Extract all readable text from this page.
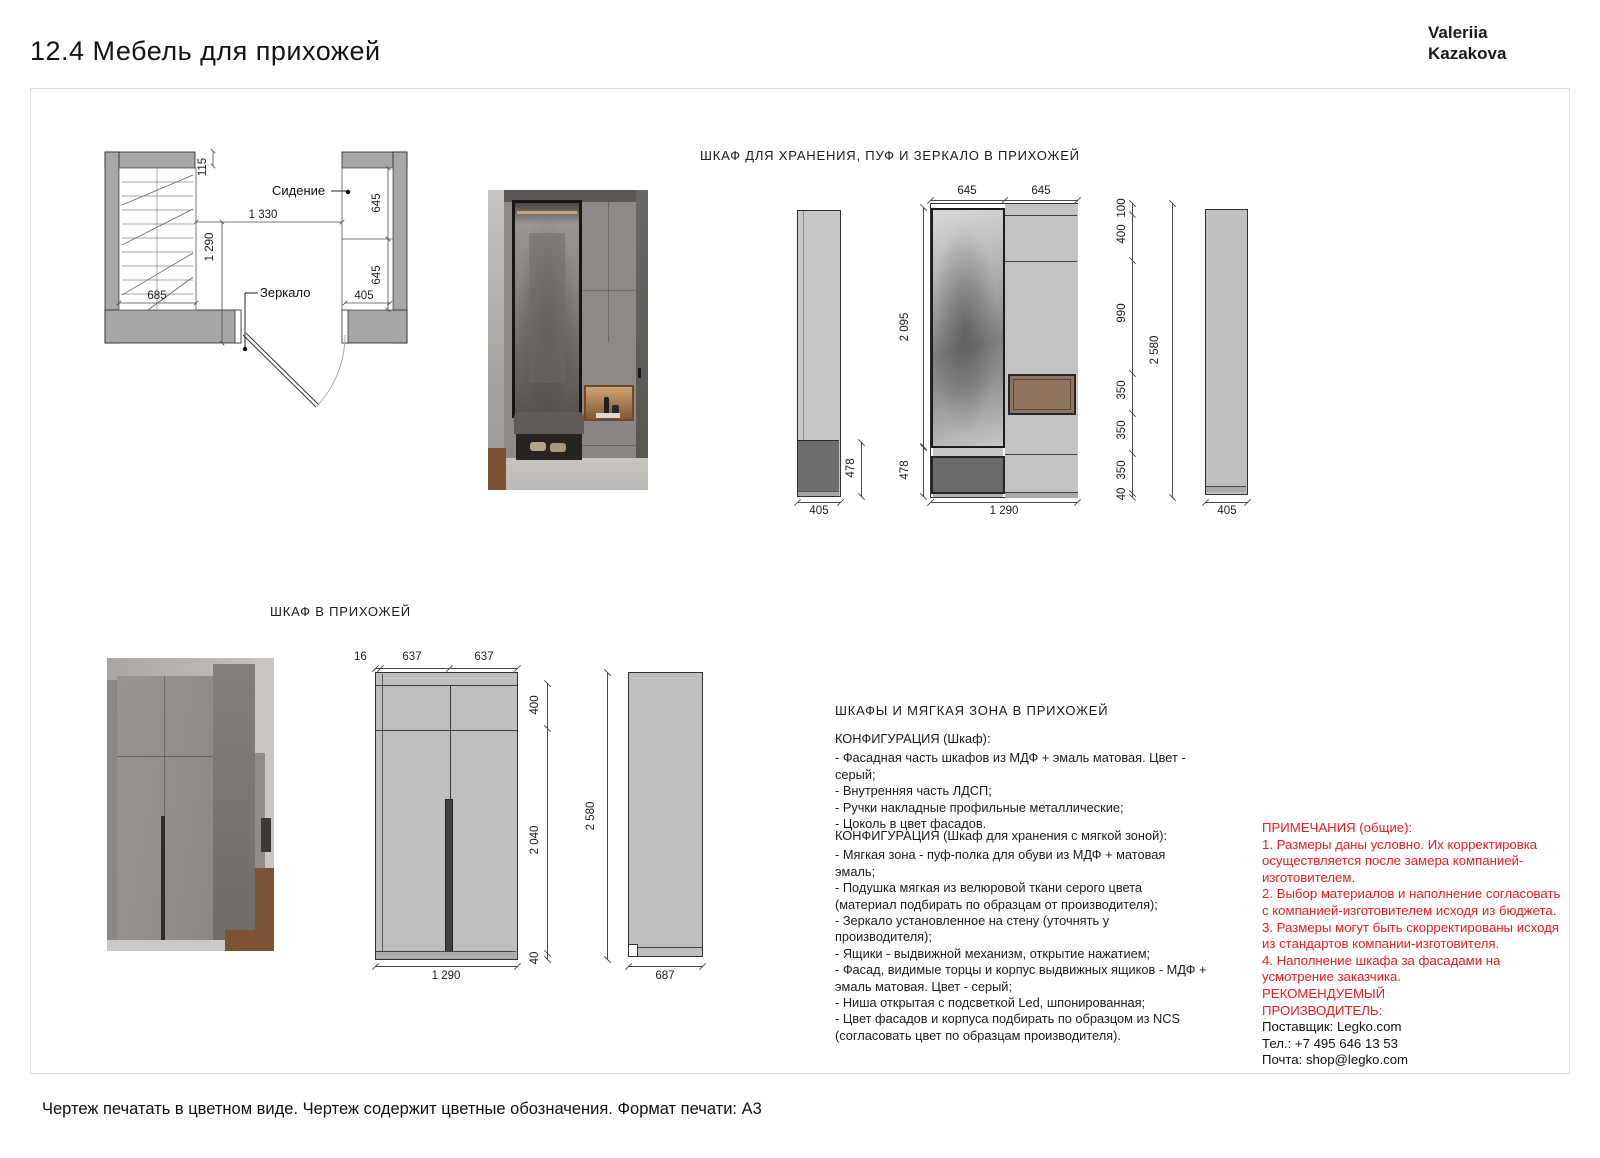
12.4 Мебель для прихожей
Valeriia
Kazakova
115
1 330
1 290
685
645
645
405
Сидение
Зеркало
ШКАФ ДЛЯ ХРАНЕНИЯ, ПУФ И ЗЕРКАЛО В ПРИХОЖЕЙ
405
478
645	645
2 095
478
1 290
100
400
990
350
350
350
40
2 580
405
ШКАФ В ПРИХОЖЕЙ
16	637	637
400
2 040
40
2 580
1 290	687
ШКАФЫ И МЯГКАЯ ЗОНА В ПРИХОЖЕЙ
КОНФИГУРАЦИЯ (Шкаф):
- Фасадная часть шкафов из МДФ + эмаль матовая. Цвет - серый;
- Внутренняя часть ЛДСП;
- Ручки накладные профильные металлические;
- Цоколь в цвет фасадов.
КОНФИГУРАЦИЯ (Шкаф для хранения с мягкой зоной):
- Мягкая зона - пуф-полка для обуви из МДФ + матовая эмаль;
- Подушка мягкая из велюровой ткани серого цвета (материал подбирать по образцам от производителя);
- Зеркало установленное на стену (уточнять у производителя);
- Ящики - выдвижной механизм, открытие нажатием;
- Фасад, видимые торцы и корпус выдвижных ящиков - МДФ + эмаль матовая. Цвет - серый;
- Ниша открытая с подсветкой Led, шпонированная;
- Цвет фасадов и корпуса подбирать по образцом из NCS (согласовать цвет по образцам производителя).
ПРИМЕЧАНИЯ (общие):
1. Размеры даны условно. Их корректировка осуществляется после замера компанией-изготовителем.
2. Выбор материалов и наполнение согласовать с компанией-изготовителем исходя из бюджета.
3. Размеры могут быть скорректированы исходя из стандартов компании-изготовителя.
4. Наполнение шкафа за фасадами на усмотрение заказчика.
РЕКОМЕНДУЕМЫЙ
ПРОИЗВОДИТЕЛЬ:
Поставщик: Legko.com
Тел.: +7 495 646 13 53
Почта: shop@legko.com
Чертеж печатать в цветном виде. Чертеж содержит цветные обозначения. Формат печати: А3
